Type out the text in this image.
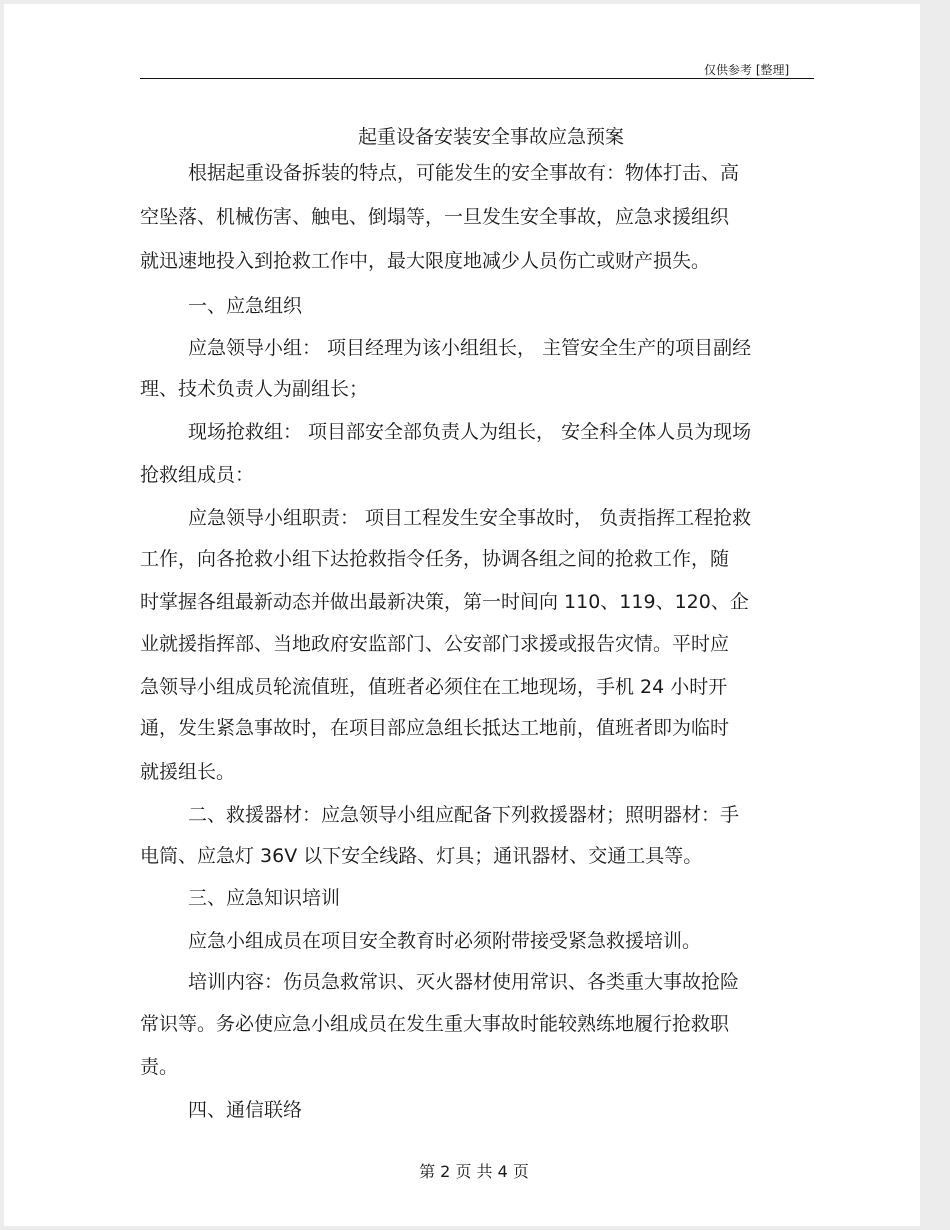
仅供参考 [整理]
起重设备安装安全事故应急预案
根据起重设备拆装的特点，可能发生的安全事故有：物体打击、高
空坠落、机械伤害、触电、倒塌等，一旦发生安全事故，应急求援组织
就迅速地投入到抢救工作中，最大限度地减少人员伤亡或财产损失。
一、应急组织
应急领导小组： 项目经理为该小组组长， 主管安全生产的项目副经
理、技术负责人为副组长；
现场抢救组： 项目部安全部负责人为组长， 安全科全体人员为现场
抢救组成员：
应急领导小组职责： 项目工程发生安全事故时， 负责指挥工程抢救
工作，向各抢救小组下达抢救指令任务，协调各组之间的抢救工作，随
时掌握各组最新动态并做出最新决策，第一时间向 110、119、120、企
业就援指挥部、当地政府安监部门、公安部门求援或报告灾情。平时应
急领导小组成员轮流值班，值班者必须住在工地现场，手机 24 小时开
通，发生紧急事故时，在项目部应急组长抵达工地前，值班者即为临时
就援组长。
二、救援器材：应急领导小组应配备下列救援器材；照明器材：手
电筒、应急灯 36V 以下安全线路、灯具；通讯器材、交通工具等。
三、应急知识培训
应急小组成员在项目安全教育时必须附带接受紧急救援培训。
培训内容：伤员急救常识、灭火器材使用常识、各类重大事故抢险
常识等。务必使应急小组成员在发生重大事故时能较熟练地履行抢救职
责。
四、通信联络
第 2 页 共 4 页
